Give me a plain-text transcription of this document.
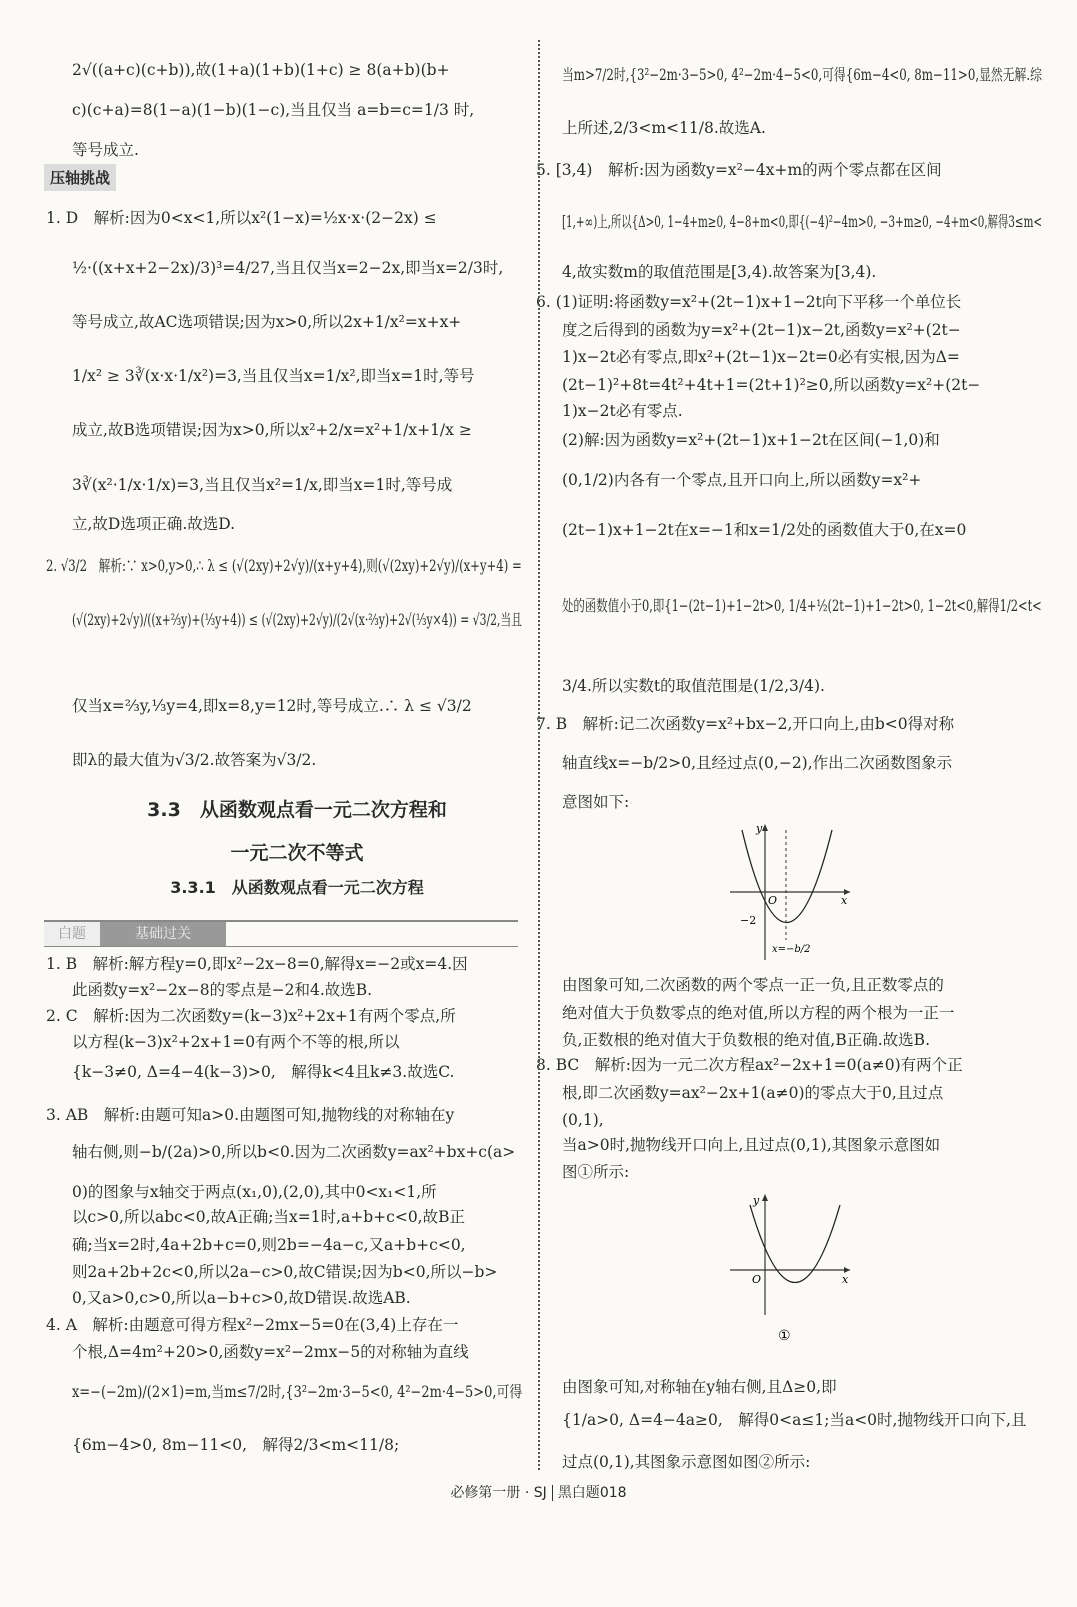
2√((a+c)(c+b)),故(1+a)(1+b)(1+c) ≥ 8(a+b)(b+
c)(c+a)=8(1−a)(1−b)(1−c),当且仅当 a=b=c=1/3 时,
等号成立.
1. D　解析:因为0<x<1,所以x²(1−x)=½x·x·(2−2x) ≤
½·((x+x+2−2x)/3)³=4/27,当且仅当x=2−2x,即当x=2/3时,
等号成立,故AC选项错误;因为x>0,所以2x+1/x²=x+x+
1/x² ≥ 3∛(x·x·1/x²)=3,当且仅当x=1/x²,即当x=1时,等号
成立,故B选项错误;因为x>0,所以x²+2/x=x²+1/x+1/x ≥
3∛(x²·1/x·1/x)=3,当且仅当x²=1/x,即当x=1时,等号成
立,故D选项正确.故选D.
2. √3/2　解析:∵ x>0,y>0,∴ λ ≤ (√(2xy)+2√y)/(x+y+4),则(√(2xy)+2√y)/(x+y+4) =
(√(2xy)+2√y)/((x+⅔y)+(⅓y+4)) ≤ (√(2xy)+2√y)/(2√(x·⅔y)+2√(⅓y×4)) = √3/2,当且
仅当x=⅔y,⅓y=4,即x=8,y=12时,等号成立.∴ λ ≤ √3/2
即λ的最大值为√3/2.故答案为√3/2.
3.3　从函数观点看一元二次方程和
一元二次不等式
3.3.1　从函数观点看一元二次方程
1. B　解析:解方程y=0,即x²−2x−8=0,解得x=−2或x=4.因
此函数y=x²−2x−8的零点是−2和4.故选B.
2. C　解析:因为二次函数y=(k−3)x²+2x+1有两个零点,所
以方程(k−3)x²+2x+1=0有两个不等的根,所以
{k−3≠0, Δ=4−4(k−3)>0,　解得k<4且k≠3.故选C.
3. AB　解析:由题可知a>0.由题图可知,抛物线的对称轴在y
轴右侧,则−b/(2a)>0,所以b<0.因为二次函数y=ax²+bx+c(a>
0)的图象与x轴交于两点(x₁,0),(2,0),其中0<x₁<1,所
以c>0,所以abc<0,故A正确;当x=1时,a+b+c<0,故B正
确;当x=2时,4a+2b+c=0,则2b=−4a−c,又a+b+c<0,
则2a+2b+2c<0,所以2a−c>0,故C错误;因为b<0,所以−b>
0,又a>0,c>0,所以a−b+c>0,故D错误.故选AB.
4. A　解析:由题意可得方程x²−2mx−5=0在(3,4)上存在一
个根,Δ=4m²+20>0,函数y=x²−2mx−5的对称轴为直线
x=−(−2m)/(2×1)=m,当m≤7/2时,{3²−2m·3−5<0, 4²−2m·4−5>0,可得
{6m−4>0, 8m−11<0,　解得2/3<m<11/8;
当m>7/2时,{3²−2m·3−5>0, 4²−2m·4−5<0,可得{6m−4<0, 8m−11>0,显然无解.综
上所述,2/3<m<11/8.故选A.
5. [3,4)　解析:因为函数y=x²−4x+m的两个零点都在区间
[1,+∞)上,所以{Δ>0, 1−4+m≥0, 4−8+m<0,即{(−4)²−4m>0, −3+m≥0, −4+m<0,解得3≤m<
4,故实数m的取值范围是[3,4).故答案为[3,4).
6. (1)证明:将函数y=x²+(2t−1)x+1−2t向下平移一个单位长
度之后得到的函数为y=x²+(2t−1)x−2t,函数y=x²+(2t−
1)x−2t必有零点,即x²+(2t−1)x−2t=0必有实根,因为Δ=
(2t−1)²+8t=4t²+4t+1=(2t+1)²≥0,所以函数y=x²+(2t−
1)x−2t必有零点.
(2)解:因为函数y=x²+(2t−1)x+1−2t在区间(−1,0)和
(0,1/2)内各有一个零点,且开口向上,所以函数y=x²+
(2t−1)x+1−2t在x=−1和x=1/2处的函数值大于0,在x=0
处的函数值小于0,即{1−(2t−1)+1−2t>0, 1/4+½(2t−1)+1−2t>0, 1−2t<0,解得1/2<t<
3/4.所以实数t的取值范围是(1/2,3/4).
7. B　解析:记二次函数y=x²+bx−2,开口向上,由b<0得对称
轴直线x=−b/2>0,且经过点(0,−2),作出二次函数图象示
意图如下:
由图象可知,二次函数的两个零点一正一负,且正数零点的
绝对值大于负数零点的绝对值,所以方程的两个根为一正一
负,正数根的绝对值大于负数根的绝对值,B正确.故选B.
8. BC　解析:因为一元二次方程ax²−2x+1=0(a≠0)有两个正
根,即二次函数y=ax²−2x+1(a≠0)的零点大于0,且过点
(0,1),
当a>0时,抛物线开口向上,且过点(0,1),其图象示意图如
图①所示:
由图象可知,对称轴在y轴右侧,且Δ≥0,即
{1/a>0, Δ=4−4a≥0,　解得0<a≤1;当a<0时,抛物线开口向下,且
过点(0,1),其图象示意图如图②所示:
压轴挑战
白题	基础过关
y
x
O
−2
x=−b/2
y
x
O
①
必修第一册 · SJ 黑白题018
